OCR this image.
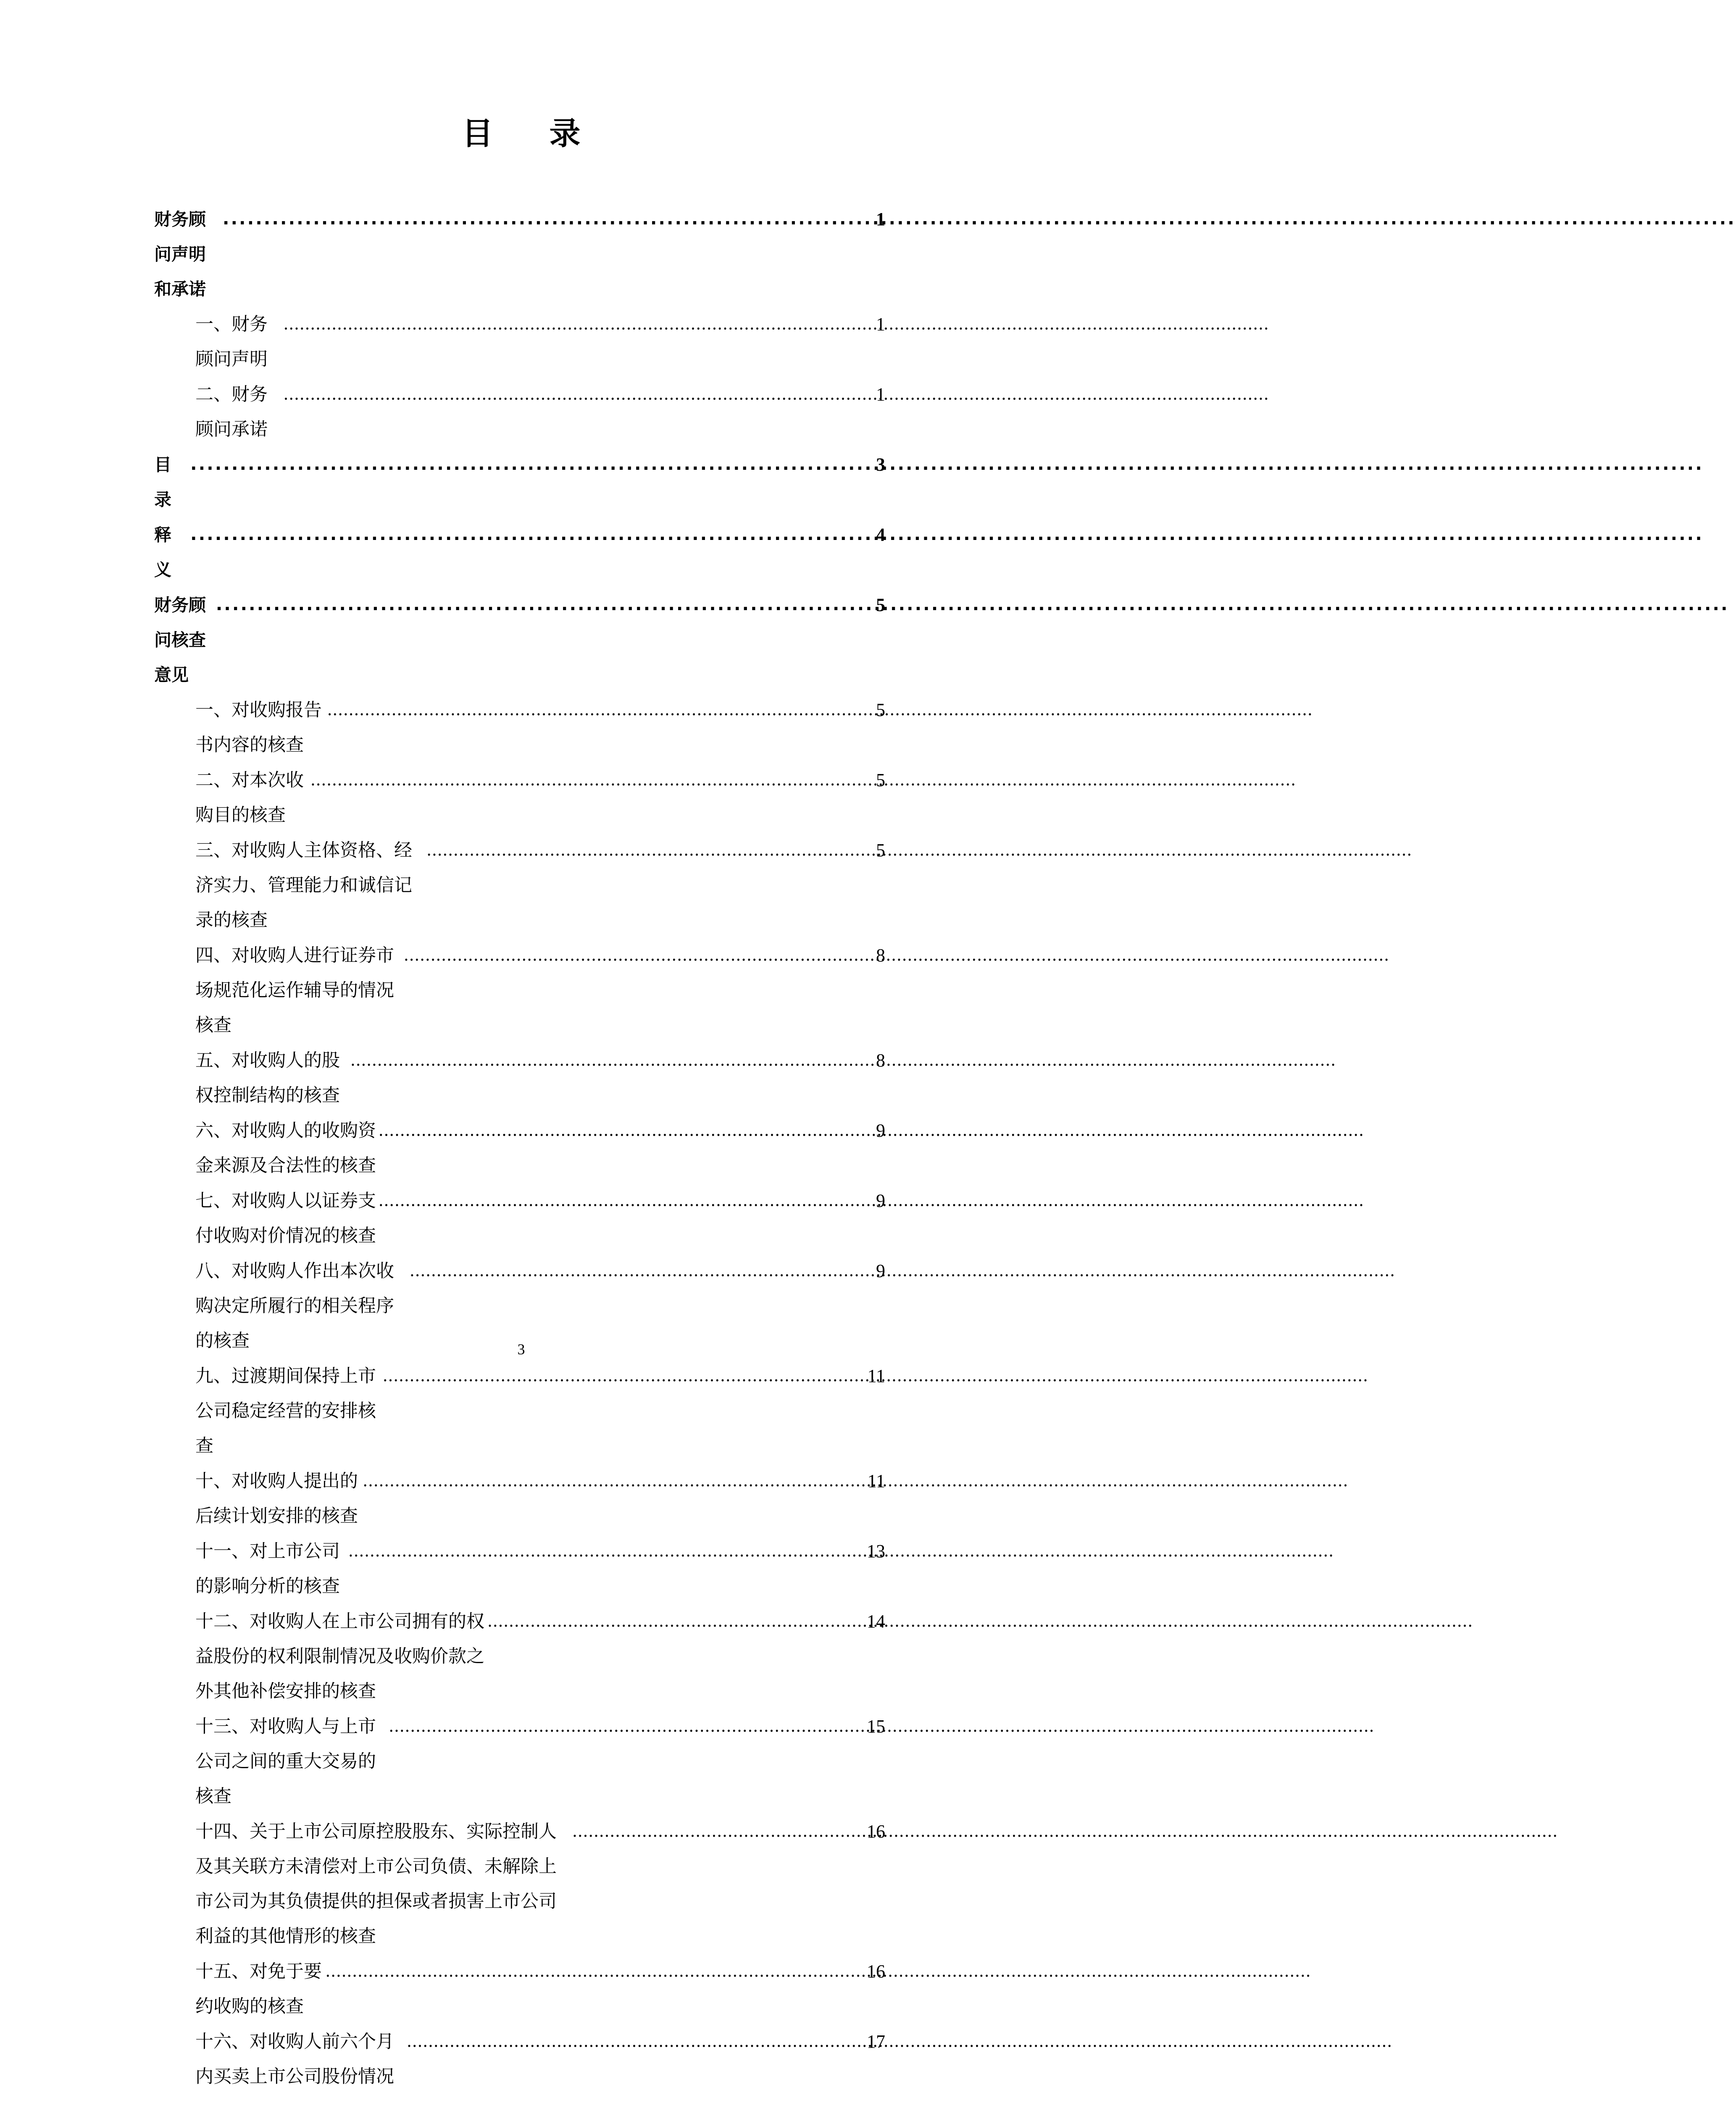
目　录
财务顾问声明和承诺
.....
1
一、财务顾问声明
.....
1
二、财务顾问承诺
.....
1
目　录
.....
3
释　义
.....
4
财务顾问核查意见
.....
5
一、对收购报告书内容的核查
.....
5
二、对本次收购目的核查
.....
5
三、对收购人主体资格、经济实力、管理能力和诚信记录的核查
.....
5
四、对收购人进行证券市场规范化运作辅导的情况核查
.....
8
五、对收购人的股权控制结构的核查
.....
8
六、对收购人的收购资金来源及合法性的核查
.....
9
七、对收购人以证券支付收购对价情况的核查
.....
9
八、对收购人作出本次收购决定所履行的相关程序的核查
.....
9
九、过渡期间保持上市公司稳定经营的安排核查
.....
11
十、对收购人提出的后续计划安排的核查
.....
11
十一、对上市公司的影响分析的核查
.....
13
十二、对收购人在上市公司拥有的权益股份的权利限制情况及收购价款之外其他补偿安排的核查
.....
14
十三、对收购人与上市公司之间的重大交易的核查
.....
15
十四、关于上市公司原控股股东、实际控制人及其关联方未清偿对上市公司负债、未解除上市公司为其负债提供的担保或者损害上市公司利益的其他情形的核查
.....
16
十五、对免于要约收购的核查
.....
16
十六、对收购人前六个月内买卖上市公司股份情况
.....
17
3
